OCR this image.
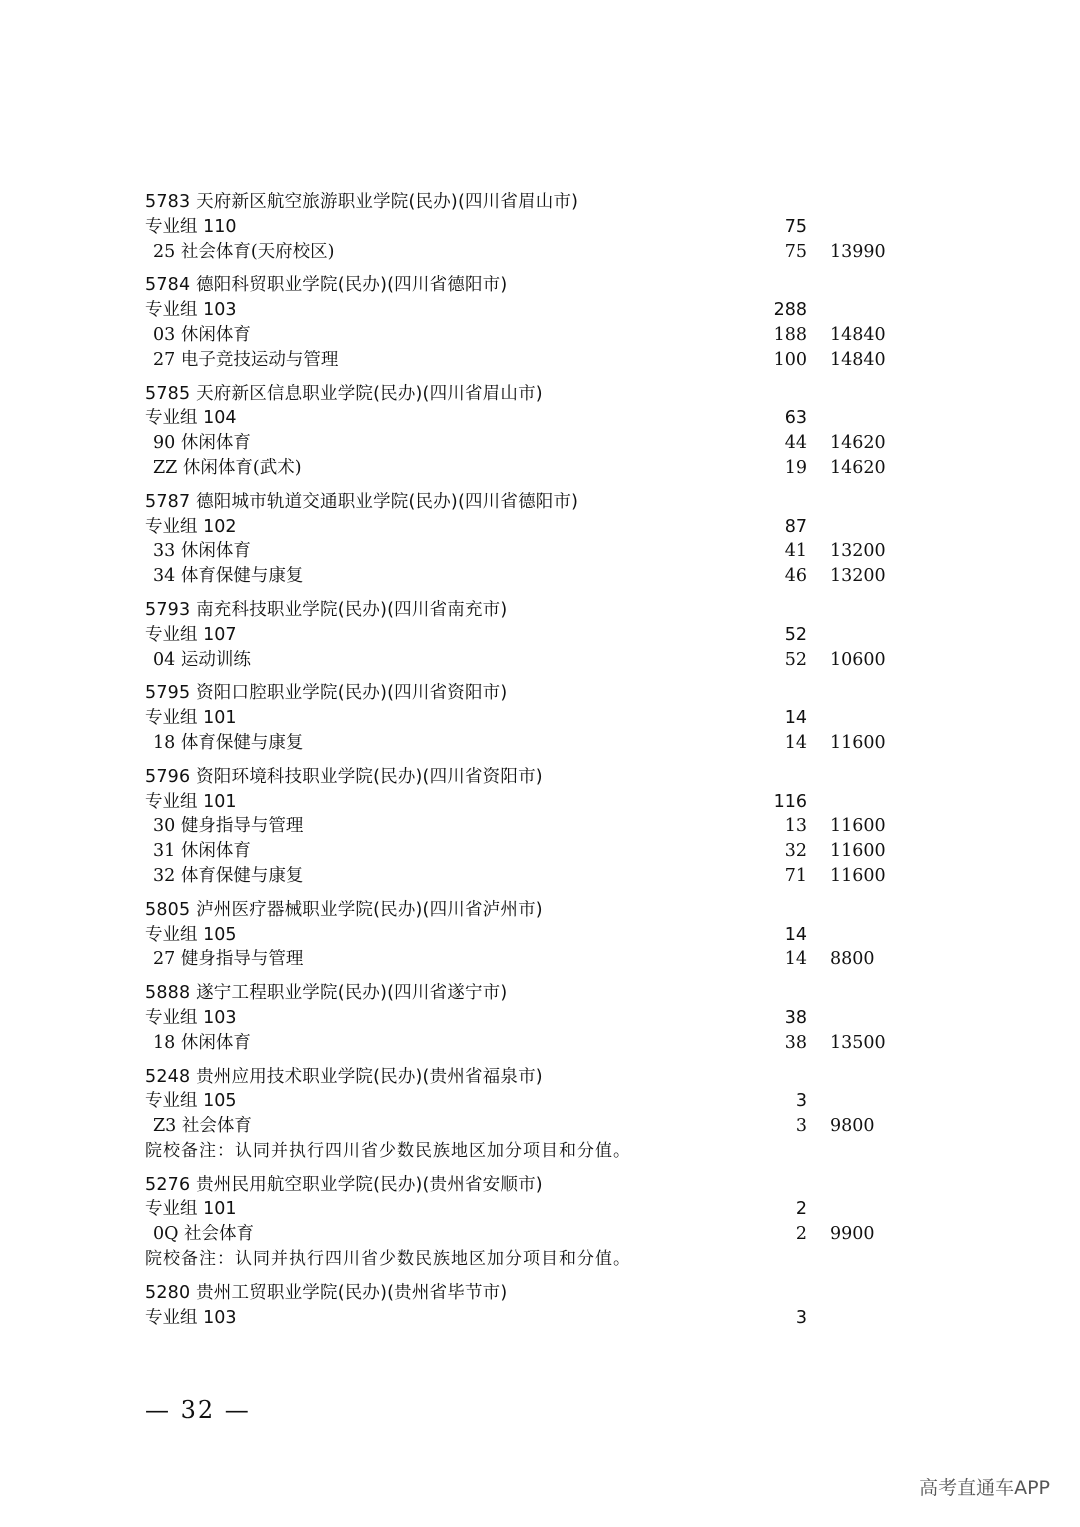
5783 天府新区航空旅游职业学院(民办)(四川省眉山市)
专业组 110	75
25 社会体育(天府校区)	75 13990
5784 德阳科贸职业学院(民办)(四川省德阳市)
专业组 103	288
03 休闲体育	188 14840
27 电子竞技运动与管理	100 14840
5785 天府新区信息职业学院(民办)(四川省眉山市)
专业组 104	63
90 休闲体育	44 14620
ZZ 休闲体育(武术)	19 14620
5787 德阳城市轨道交通职业学院(民办)(四川省德阳市)
专业组 102	87
33 休闲体育	41 13200
34 体育保健与康复	46 13200
5793 南充科技职业学院(民办)(四川省南充市)
专业组 107	52
04 运动训练	52 10600
5795 资阳口腔职业学院(民办)(四川省资阳市)
专业组 101	14
18 体育保健与康复	14 11600
5796 资阳环境科技职业学院(民办)(四川省资阳市)
专业组 101	116
30 健身指导与管理	13 11600
31 休闲体育	32 11600
32 体育保健与康复	71 11600
5805 泸州医疗器械职业学院(民办)(四川省泸州市)
专业组 105	14
27 健身指导与管理	14 8800
5888 遂宁工程职业学院(民办)(四川省遂宁市)
专业组 103	38
18 休闲体育	38 13500
5248 贵州应用技术职业学院(民办)(贵州省福泉市)
专业组 105	3
Z3 社会体育	3 9800
院校备注：认同并执行四川省少数民族地区加分项目和分值。
5276 贵州民用航空职业学院(民办)(贵州省安顺市)
专业组 101	2
0Q 社会体育	2 9900
院校备注：认同并执行四川省少数民族地区加分项目和分值。
5280 贵州工贸职业学院(民办)(贵州省毕节市)
专业组 103	3
— 32 —
高考直通车APP
